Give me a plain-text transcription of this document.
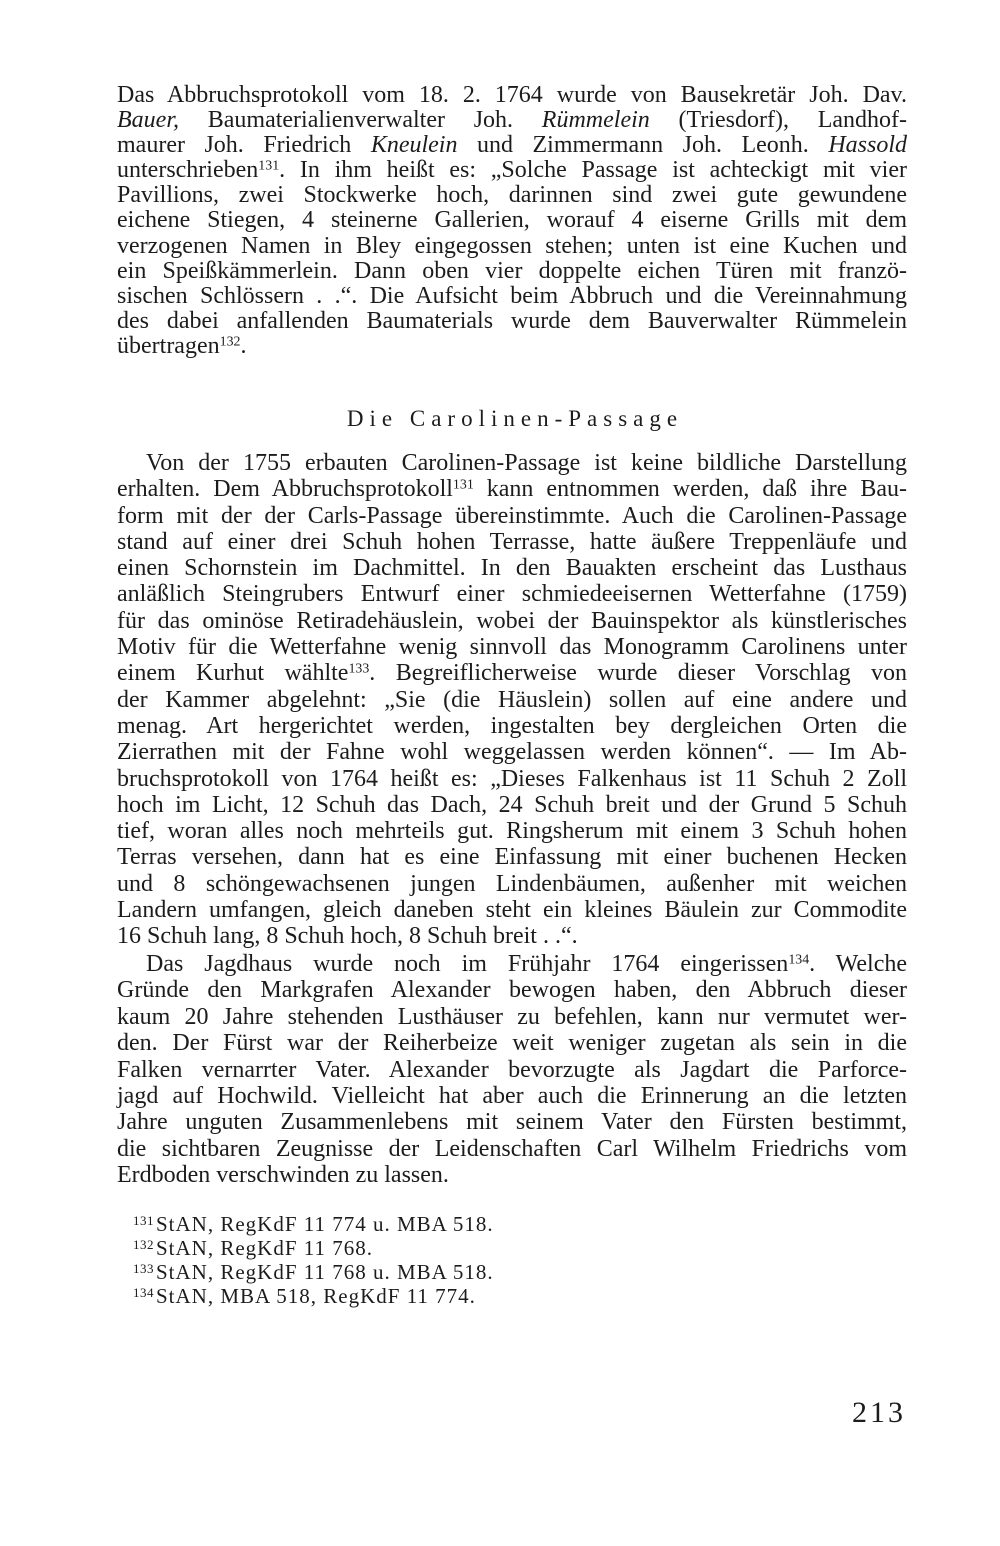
Das Abbruchsprotokoll vom 18. 2. 1764 wurde von Bausekretär Joh. Dav.
Bauer, Baumaterialienverwalter Joh. Rümmelein (Triesdorf), Landhof-
maurer Joh. Friedrich Kneulein und Zimmermann Joh. Leonh. Hassold
unterschrieben$^{131}$. In ihm heißt es: „Solche Passage ist achteckigt mit vier
Pavillions, zwei Stockwerke hoch, darinnen sind zwei gute gewundene
eichene Stiegen, 4 steinerne Gallerien, worauf 4 eiserne Grills mit dem
verzogenen Namen in Bley eingegossen stehen; unten ist eine Kuchen und
ein Speißkämmerlein. Dann oben vier doppelte eichen Türen mit franzö-
sischen Schlössern . .“. Die Aufsicht beim Abbruch und die Vereinnahmung
des dabei anfallenden Baumaterials wurde dem Bauverwalter Rümmelein
übertragen$^{132}$.
Die Carolinen-Passage
Von der 1755 erbauten Carolinen-Passage ist keine bildliche Darstellung
erhalten. Dem Abbruchsprotokoll$^{131}$ kann entnommen werden, daß ihre Bau-
form mit der der Carls-Passage übereinstimmte. Auch die Carolinen-Passage
stand auf einer drei Schuh hohen Terrasse, hatte äußere Treppenläufe und
einen Schornstein im Dachmittel. In den Bauakten erscheint das Lusthaus
anläßlich Steingrubers Entwurf einer schmiedeeisernen Wetterfahne (1759)
für das ominöse Retiradehäuslein, wobei der Bauinspektor als künstlerisches
Motiv für die Wetterfahne wenig sinnvoll das Monogramm Carolinens unter
einem Kurhut wählte$^{133}$. Begreiflicherweise wurde dieser Vorschlag von
der Kammer abgelehnt: „Sie (die Häuslein) sollen auf eine andere und
menag. Art hergerichtet werden, ingestalten bey dergleichen Orten die
Zierrathen mit der Fahne wohl weggelassen werden können“. — Im Ab-
bruchsprotokoll von 1764 heißt es: „Dieses Falkenhaus ist 11 Schuh 2 Zoll
hoch im Licht, 12 Schuh das Dach, 24 Schuh breit und der Grund 5 Schuh
tief, woran alles noch mehrteils gut. Ringsherum mit einem 3 Schuh hohen
Terras versehen, dann hat es eine Einfassung mit einer buchenen Hecken
und 8 schöngewachsenen jungen Lindenbäumen, außenher mit weichen
Landern umfangen, gleich daneben steht ein kleines Bäulein zur Commodite
16 Schuh lang, 8 Schuh hoch, 8 Schuh breit . .“.
Das Jagdhaus wurde noch im Frühjahr 1764 eingerissen$^{134}$. Welche
Gründe den Markgrafen Alexander bewogen haben, den Abbruch dieser
kaum 20 Jahre stehenden Lusthäuser zu befehlen, kann nur vermutet wer-
den. Der Fürst war der Reiherbeize weit weniger zugetan als sein in die
Falken vernarrter Vater. Alexander bevorzugte als Jagdart die Parforce-
jagd auf Hochwild. Vielleicht hat aber auch die Erinnerung an die letzten
Jahre unguten Zusammenlebens mit seinem Vater den Fürsten bestimmt,
die sichtbaren Zeugnisse der Leidenschaften Carl Wilhelm Friedrichs vom
Erdboden verschwinden zu lassen.
131StAN, RegKdF 11 774 u. MBA 518.
132StAN, RegKdF 11 768.
133StAN, RegKdF 11 768 u. MBA 518.
134StAN, MBA 518, RegKdF 11 774.
213
